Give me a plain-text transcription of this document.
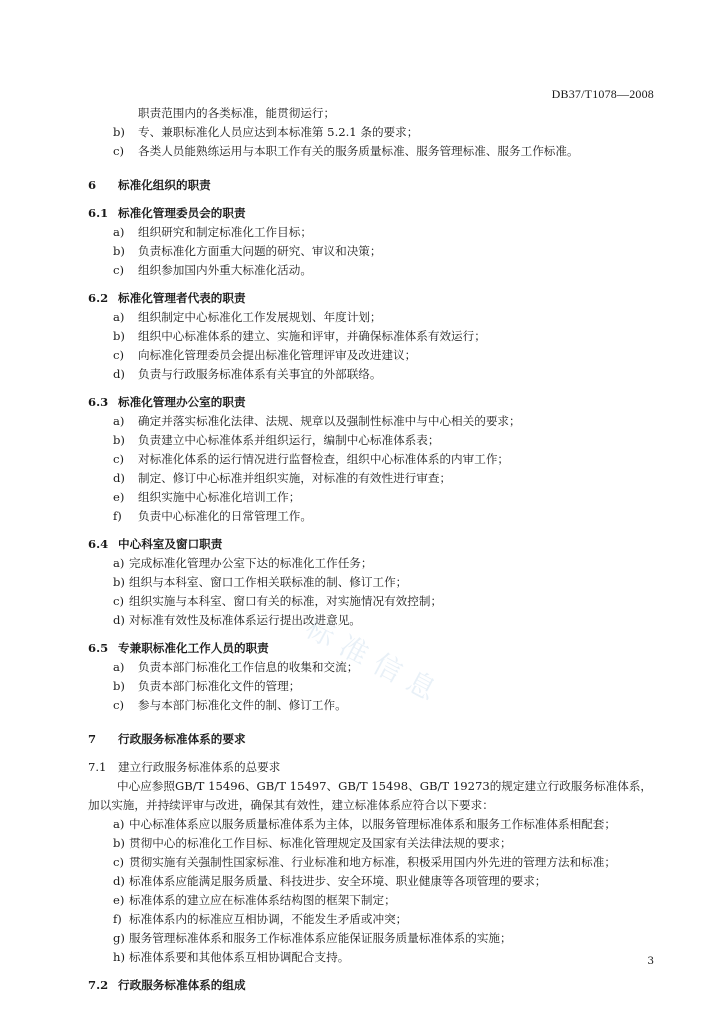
DB37/T1078—2008
标准信息
职责范围内的各类标准，能贯彻运行；
b)	专、兼职标准化人员应达到本标准第 5.2.1 条的要求；
c)	各类人员能熟练运用与本职工作有关的服务质量标准、服务管理标准、服务工作标准。
6	标准化组织的职责
6.1 标准化管理委员会的职责
a)	组织研究和制定标准化工作目标；
b)	负责标准化方面重大问题的研究、审议和决策；
c)	组织参加国内外重大标准化活动。
6.2 标准化管理者代表的职责
a)	组织制定中心标准化工作发展规划、年度计划；
b)	组织中心标准体系的建立、实施和评审，并确保标准体系有效运行；
c)	向标准化管理委员会提出标准化管理评审及改进建议；
d)	负责与行政服务标准体系有关事宜的外部联络。
6.3 标准化管理办公室的职责
a)	确定并落实标准化法律、法规、规章以及强制性标准中与中心相关的要求；
b)	负责建立中心标准体系并组织运行，编制中心标准体系表；
c)	对标准化体系的运行情况进行监督检查，组织中心标准体系的内审工作；
d)	制定、修订中心标准并组织实施，对标准的有效性进行审查；
e)	组织实施中心标准化培训工作；
f)	负责中心标准化的日常管理工作。
6.4 中心科室及窗口职责
a) 完成标准化管理办公室下达的标准化工作任务；
b) 组织与本科室、窗口工作相关联标准的制、修订工作；
c) 组织实施与本科室、窗口有关的标准，对实施情况有效控制；
d) 对标准有效性及标准体系运行提出改进意见。
6.5 专兼职标准化工作人员的职责
a)	负责本部门标准化工作信息的收集和交流；
b)	负责本部门标准化文件的管理；
c)	参与本部门标准化文件的制、修订工作。
7	行政服务标准体系的要求
7.1 建立行政服务标准体系的总要求
中心应参照GB/T 15496、GB/T 15497、GB/T 15498、GB/T 19273的规定建立行政服务标准体系，
加以实施，并持续评审与改进，确保其有效性，建立标准体系应符合以下要求：
a) 中心标准体系应以服务质量标准体系为主体，以服务管理标准体系和服务工作标准体系相配套；
b) 贯彻中心的标准化工作目标、标准化管理规定及国家有关法律法规的要求；
c) 贯彻实施有关强制性国家标准、行业标准和地方标准，积极采用国内外先进的管理方法和标准；
d) 标准体系应能满足服务质量、科技进步、安全环境、职业健康等各项管理的要求；
e) 标准体系的建立应在标准体系结构图的框架下制定；
f) 标准体系内的标准应互相协调，不能发生矛盾或冲突；
g) 服务管理标准体系和服务工作标准体系应能保证服务质量标准体系的实施；
h) 标准体系要和其他体系互相协调配合支持。
7.2 行政服务标准体系的组成
3
